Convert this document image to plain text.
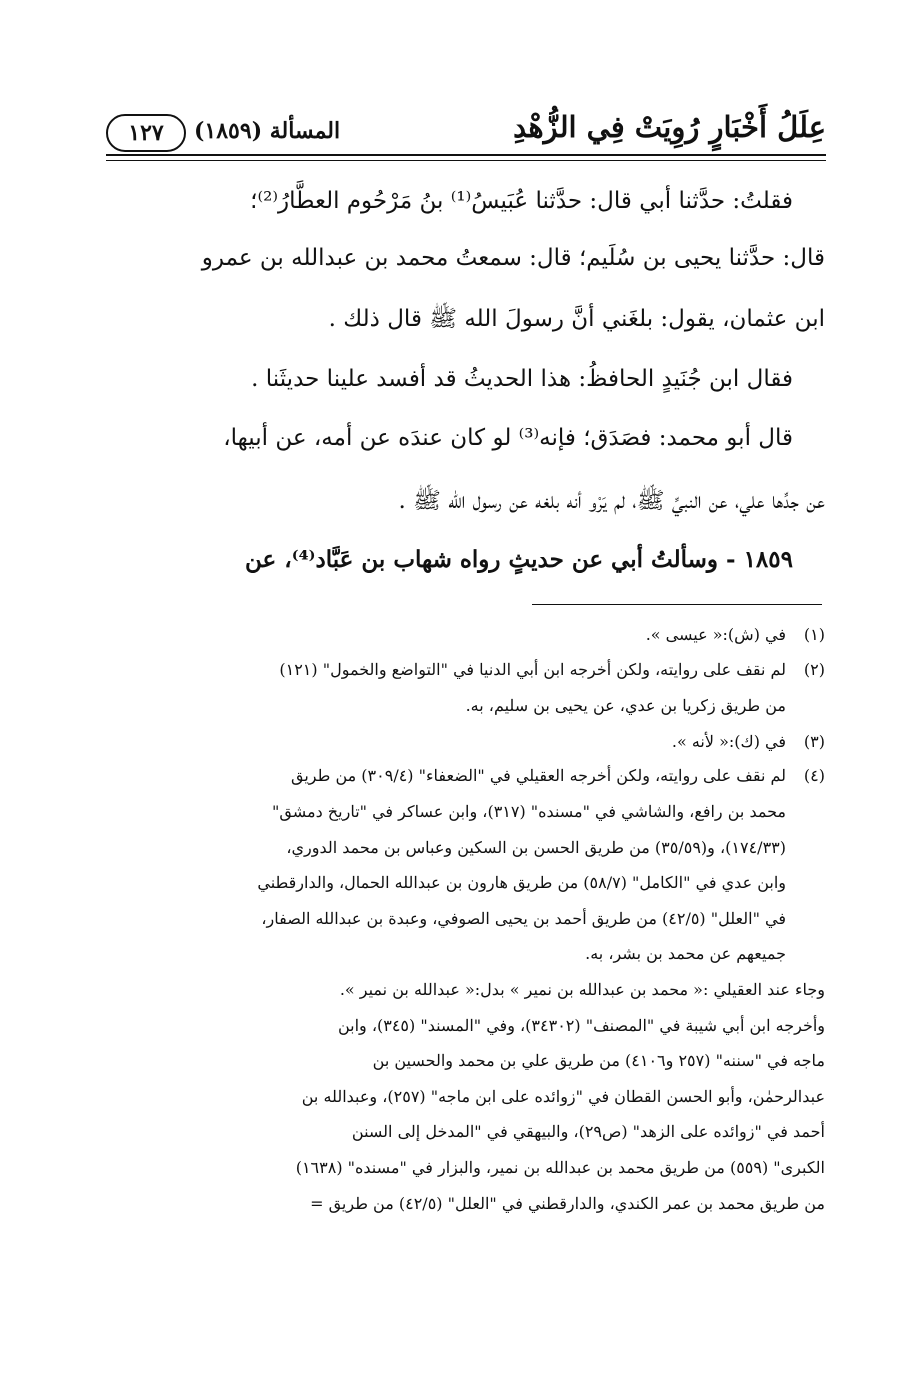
عِلَلُ أَخْبَارٍ رُوِيَتْ فِي الزُّهْدِ
المسألة (١٨٥٩)
١٢٧
فقلتُ: حدَّثنا أبي قال: حدَّثنا عُبَيسُ⁽¹⁾ بنُ مَرْحُوم العطَّارُ⁽²⁾؛
قال: حدَّثنا يحيى بن سُلَيم؛ قال: سمعتُ محمد بن عبدالله بن عمرو
ابن عثمان، يقول: بلغَني أنَّ رسولَ الله ﷺ قال ذلك .
فقال ابن جُنَيدٍ الحافظُ: هذا الحديثُ قد أفسد علينا حديثَنا .
قال أبو محمد: فصَدَق؛ فإنه⁽³⁾ لو كان عندَه عن أمه، عن أبيها،
عن جدِّها علي، عن النبيِّ ﷺ، لم يَرْو أنه بلغه عن رسول الله ﷺ .
١٨٥٩ - وسألتُ أبي عن حديثٍ رواه شهاب بن عَبَّاد⁽⁴⁾، عن
(١)
في (ش):« عيسى ».
(٢)
لم نقف على روايته، ولكن أخرجه ابن أبي الدنيا في "التواضع والخمول" (١٢١)
من طريق زكريا بن عدي، عن يحيى بن سليم، به.
(٣)
في (ك):« لأنه ».
(٤)
لم نقف على روايته، ولكن أخرجه العقيلي في "الضعفاء" (٣٠٩/٤) من طريق
محمد بن رافع، والشاشي في "مسنده" (٣١٧)، وابن عساكر في "تاريخ دمشق"
(١٧٤/٣٣)، و(٣٥/٥٩) من طريق الحسن بن السكين وعباس بن محمد الدوري،
وابن عدي في "الكامل" (٥٨/٧) من طريق هارون بن عبدالله الحمال، والدارقطني
في "العلل" (٤٢/٥) من طريق أحمد بن يحيى الصوفي، وعبدة بن عبدالله الصفار،
جميعهم عن محمد بن بشر، به.
وجاء عند العقيلي :« محمد بن عبدالله بن نمير » بدل:« عبدالله بن نمير ».
وأخرجه ابن أبي شيبة في "المصنف" (٣٤٣٠٢)، وفي "المسند" (٣٤٥)، وابن
ماجه في "سننه" (٢٥٧ و٤١٠٦) من طريق علي بن محمد والحسين بن
عبدالرحمٰن، وأبو الحسن القطان في "زوائده على ابن ماجه" (٢٥٧)، وعبدالله بن
أحمد في "زوائده على الزهد" (ص٢٩)، والبيهقي في "المدخل إلى السنن
الكبرى" (٥٥٩) من طريق محمد بن عبدالله بن نمير، والبزار في "مسنده" (١٦٣٨)
من طريق محمد بن عمر الكندي، والدارقطني في "العلل" (٤٢/٥) من طريق =
